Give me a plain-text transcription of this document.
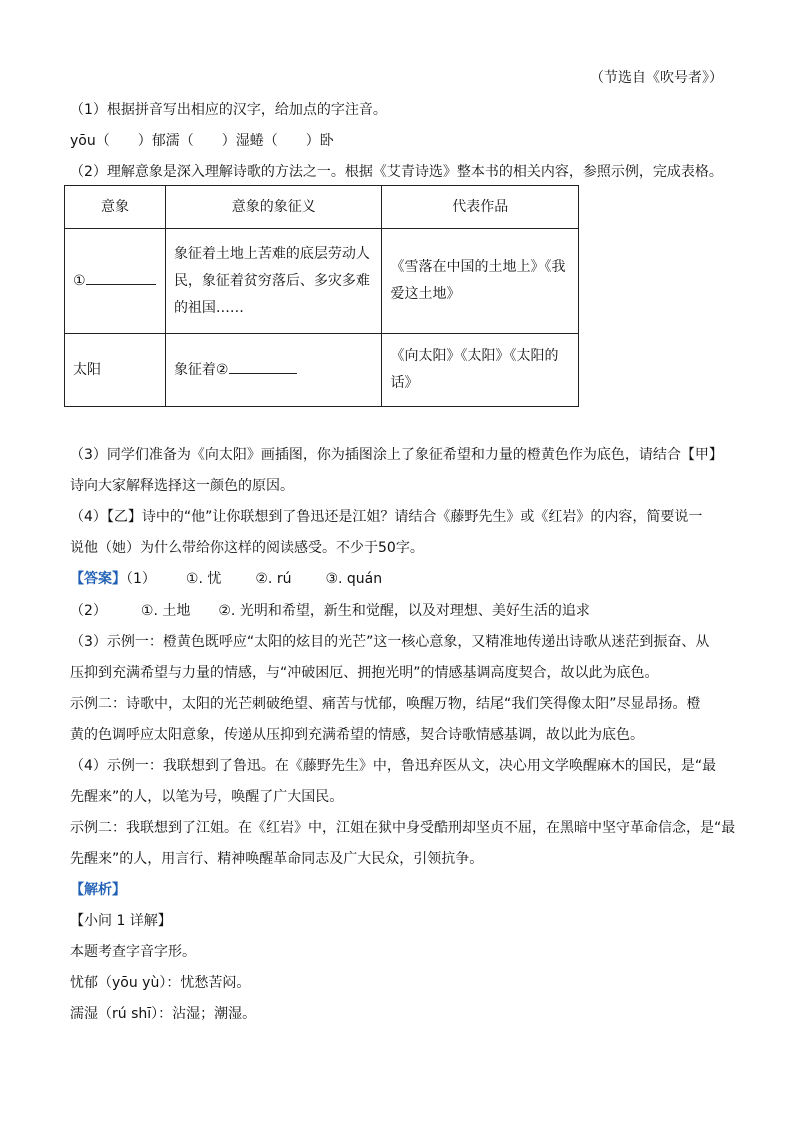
（节选自《吹号者》）
（1）根据拼音写出相应的汉字，给加点的字注音。
yōu（　　）郁濡（　　）湿蜷（　　）卧
（2）理解意象是深入理解诗歌的方法之一。根据《艾青诗选》整本书的相关内容，参照示例，完成表格。
意象	意象的象征义	代表作品
①	象征着土地上苦难的底层劳动人民，象征着贫穷落后、多灾多难的祖国……	《雪落在中国的土地上》《我爱这土地》
太阳	象征着②	《向太阳》《太阳》《太阳的话》
（3）同学们准备为《向太阳》画插图，你为插图涂上了象征希望和力量的橙黄色作为底色，请结合【甲】
诗向大家解释选择这一颜色的原因。
（4）【乙】诗中的“他”让你联想到了鲁迅还是江姐？请结合《藤野先生》或《红岩》的内容，简要说一
说他（她）为什么带给你这样的阅读感受。不少于50字。
【答案】（1） ①. 忧 ②. rú ③. quán
（2） ①. 土地 ②. 光明和希望，新生和觉醒，以及对理想、美好生活的追求
（3）示例一：橙黄色既呼应“太阳的炫目的光芒”这一核心意象，又精准地传递出诗歌从迷茫到振奋、从
压抑到充满希望与力量的情感，与“冲破困厄、拥抱光明”的情感基调高度契合，故以此为底色。
示例二：诗歌中，太阳的光芒刺破绝望、痛苦与忧郁，唤醒万物，结尾“我们笑得像太阳”尽显昂扬。橙
黄的色调呼应太阳意象，传递从压抑到充满希望的情感，契合诗歌情感基调，故以此为底色。
（4）示例一：我联想到了鲁迅。在《藤野先生》中，鲁迅弃医从文，决心用文学唤醒麻木的国民，是“最
先醒来”的人，以笔为号，唤醒了广大国民。
示例二：我联想到了江姐。在《红岩》中，江姐在狱中身受酷刑却坚贞不屈，在黑暗中坚守革命信念，是“最
先醒来”的人，用言行、精神唤醒革命同志及广大民众，引领抗争。
【解析】
【小问 1 详解】
本题考查字音字形。
忧郁（yōu yù）：忧愁苦闷。
濡湿（rú shī）：沾湿；潮湿。
